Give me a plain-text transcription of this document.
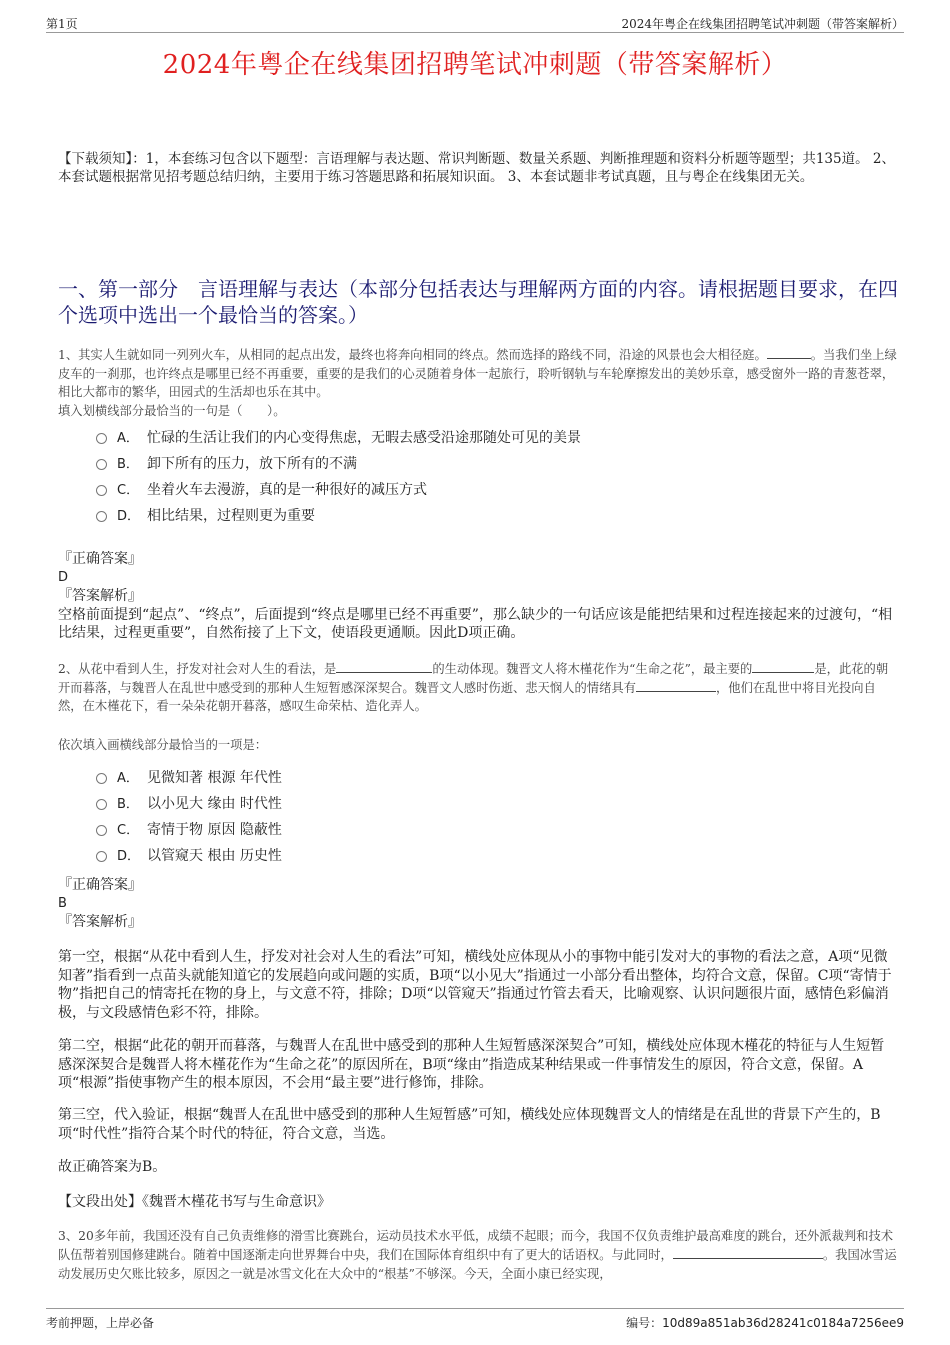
第1页	2024年粤企在线集团招聘笔试冲刺题（带答案解析）
2024年粤企在线集团招聘笔试冲刺题（带答案解析）
【下载须知】：1，本套练习包含以下题型：言语理解与表达题、常识判断题、数量关系题、判断推理题和资料分析题等题型；共135道。 2、本套试题根据常见招考题总结归纳，主要用于练习答题思路和拓展知识面。 3、本套试题非考试真题，且与粤企在线集团无关。
一、第一部分　言语理解与表达（本部分包括表达与理解两方面的内容。请根据题目要求，在四个选项中选出一个最恰当的答案。）
1、其实人生就如同一列列火车，从相同的起点出发，最终也将奔向相同的终点。然而选择的路线不同，沿途的风景也会大相径庭。	。当我们坐上绿皮车的一刹那，也许终点是哪里已经不再重要，重要的是我们的心灵随着身体一起旅行，聆听钢轨与车轮摩擦发出的美妙乐章，感受窗外一路的青葱苍翠，相比大都市的繁华，田园式的生活却也乐在其中。
填入划横线部分最恰当的一句是（　　）。
A． 忙碌的生活让我们的内心变得焦虑，无暇去感受沿途那随处可见的美景
B． 卸下所有的压力，放下所有的不满
C． 坐着火车去漫游，真的是一种很好的减压方式
D． 相比结果，过程则更为重要
『正确答案』
D
『答案解析』
空格前面提到“起点”、“终点”，后面提到“终点是哪里已经不再重要”，那么缺少的一句话应该是能把结果和过程连接起来的过渡句，“相比结果，过程更重要”，自然衔接了上下文，使语段更通顺。因此D项正确。
2、从花中看到人生，抒发对社会对人生的看法，是	的生动体现。魏晋文人将木槿花作为“生命之花”，最主要的	是，此花的朝开而暮落，与魏晋人在乱世中感受到的那种人生短暂感深深契合。魏晋文人感时伤逝、悲天悯人的情绪具有	，他们在乱世中将目光投向自然，在木槿花下，看一朵朵花朝开暮落，感叹生命荣枯、造化弄人。
依次填入画横线部分最恰当的一项是：
A． 见微知著 根源 年代性
B． 以小见大 缘由 时代性
C． 寄情于物 原因 隐蔽性
D． 以管窥天 根由 历史性
『正确答案』
B
『答案解析』
第一空，根据“从花中看到人生，抒发对社会对人生的看法”可知，横线处应体现从小的事物中能引发对大的事物的看法之意，A项“见微知著”指看到一点苗头就能知道它的发展趋向或问题的实质，B项“以小见大”指通过一小部分看出整体，均符合文意，保留。C项“寄情于物”指把自己的情寄托在物的身上，与文意不符，排除；D项“以管窥天”指通过竹管去看天，比喻观察、认识问题很片面，感情色彩偏消极，与文段感情色彩不符，排除。
第二空，根据“此花的朝开而暮落，与魏晋人在乱世中感受到的那种人生短暂感深深契合”可知，横线处应体现木槿花的特征与人生短暂感深深契合是魏晋人将木槿花作为“生命之花”的原因所在，B项“缘由”指造成某种结果或一件事情发生的原因，符合文意，保留。A项“根源”指使事物产生的根本原因，不会用“最主要”进行修饰，排除。
第三空，代入验证，根据“魏晋人在乱世中感受到的那种人生短暂感”可知，横线处应体现魏晋文人的情绪是在乱世的背景下产生的，B项“时代性”指符合某个时代的特征，符合文意，当选。
故正确答案为B。
【文段出处】《魏晋木槿花书写与生命意识》
3、20多年前，我国还没有自己负责维修的滑雪比赛跳台，运动员技术水平低，成绩不起眼；而今，我国不仅负责维护最高难度的跳台，还外派裁判和技术队伍帮着别国修建跳台。随着中国逐渐走向世界舞台中央，我们在国际体育组织中有了更大的话语权。与此同时，	。我国冰雪运动发展历史欠账比较多，原因之一就是冰雪文化在大众中的“根基”不够深。今天，全面小康已经实现，
考前押题，上岸必备	编号：10d89a851ab36d28241c0184a7256ee9
